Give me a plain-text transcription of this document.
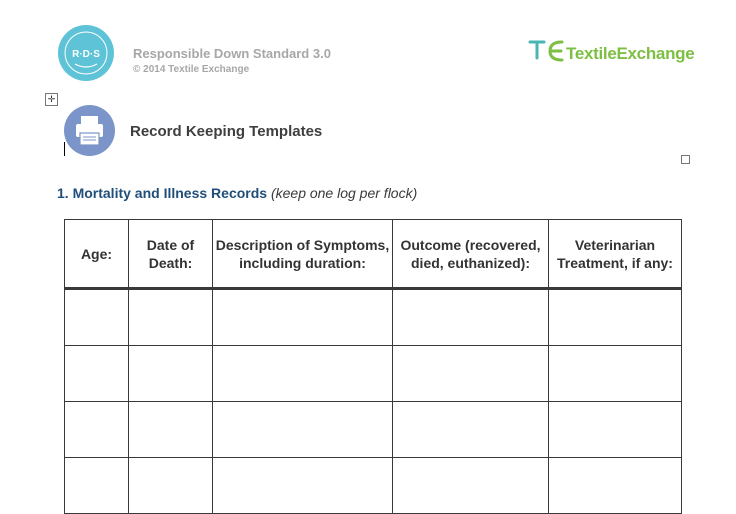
R·D·S	Responsible Down Standard 3.0
© 2014 Textile Exchange
TextileExchange
✛
Record Keeping Templates
1. Mortality and Illness Records (keep one log per flock)
Age:	Date of Death:	Description of Symptoms, including duration:	Outcome (recovered, died, euthanized):	Veterinarian Treatment, if any:
